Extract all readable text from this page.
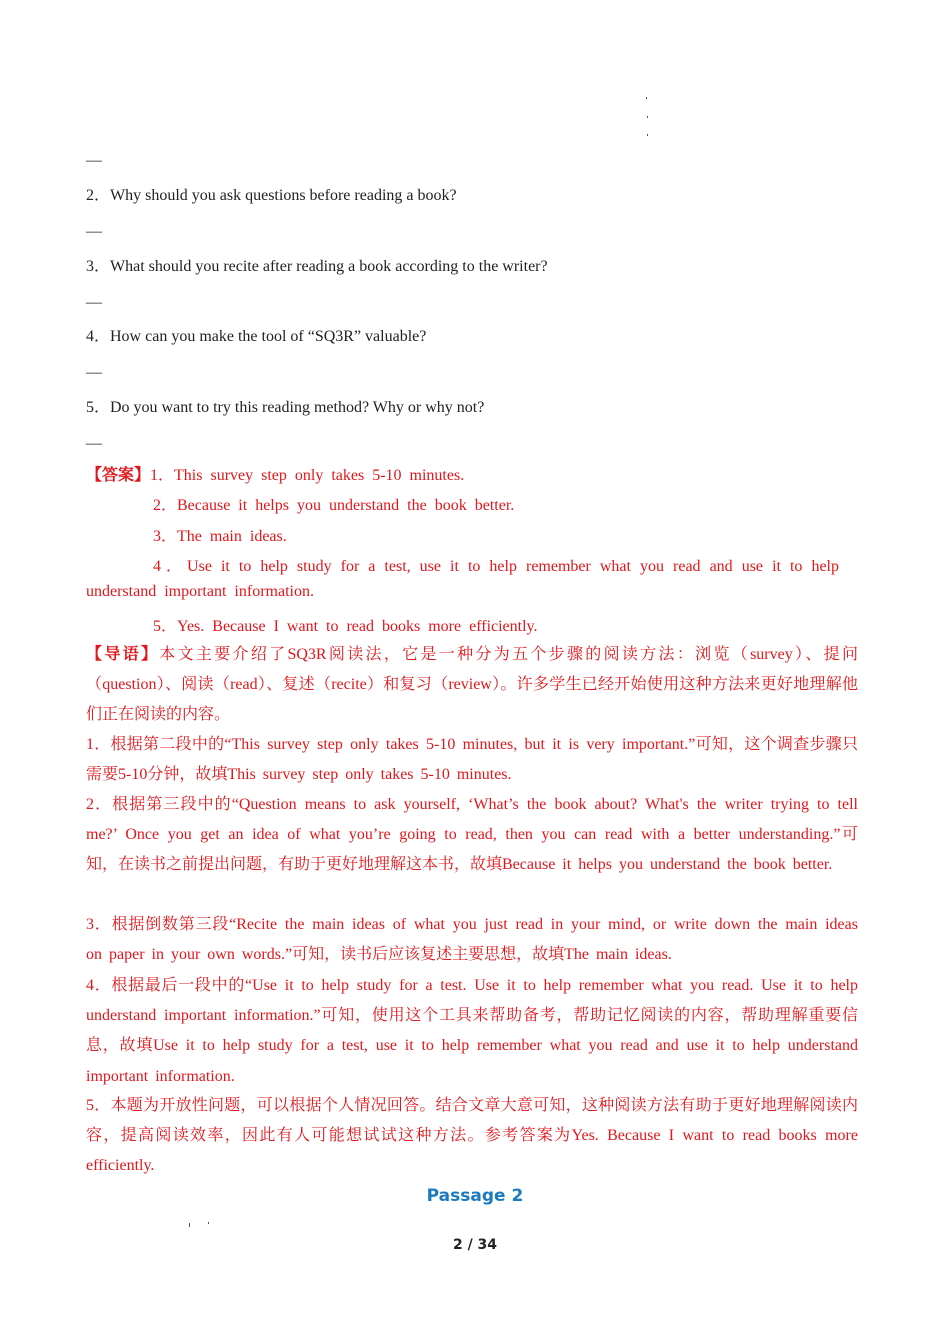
—
2．Why should you ask questions before reading a book?
—
3．What should you recite after reading a book according to the writer?
—
4．How can you make the tool of “SQ3R” valuable?
—
5．Do you want to try this reading method? Why or why not?
—
【答案】1．This survey step only takes 5-10 minutes.
2．Because it helps you understand the book better.
3．The main ideas.
4．Use it to help study for a test, use it to help remember what you read and use it to help
understand important information.
5．Yes. Because I want to read books more efficiently.
【导语】本文主要介绍了SQ3R阅读法，它是一种分为五个步骤的阅读方法：浏览（survey）、提问（question）、阅读（read）、复述（recite）和复习（review）。许多学生已经开始使用这种方法来更好地理解他们正在阅读的内容。
1．根据第二段中的“This survey step only takes 5-10 minutes, but it is very important.”可知，这个调查步骤只需要5-10分钟，故填This survey step only takes 5-10 minutes.
2．根据第三段中的“Question means to ask yourself, ‘What’s the book about? What's the writer trying to tell me?’ Once you get an idea of what you’re going to read, then you can read with a better understanding.”可知，在读书之前提出问题，有助于更好地理解这本书，故填Because it helps you understand the book better.
3．根据倒数第三段“Recite the main ideas of what you just read in your mind, or write down the main ideas on paper in your own words.”可知，读书后应该复述主要思想，故填The main ideas.
4．根据最后一段中的“Use it to help study for a test. Use it to help remember what you read. Use it to help understand important information.”可知，使用这个工具来帮助备考，帮助记忆阅读的内容，帮助理解重要信息，故填Use it to help study for a test, use it to help remember what you read and use it to help understand important information.
5．本题为开放性问题，可以根据个人情况回答。结合文章大意可知，这种阅读方法有助于更好地理解阅读内容，提高阅读效率，因此有人可能想试试这种方法。参考答案为Yes. Because I want to read books more efficiently.
Passage 2
2 / 34
